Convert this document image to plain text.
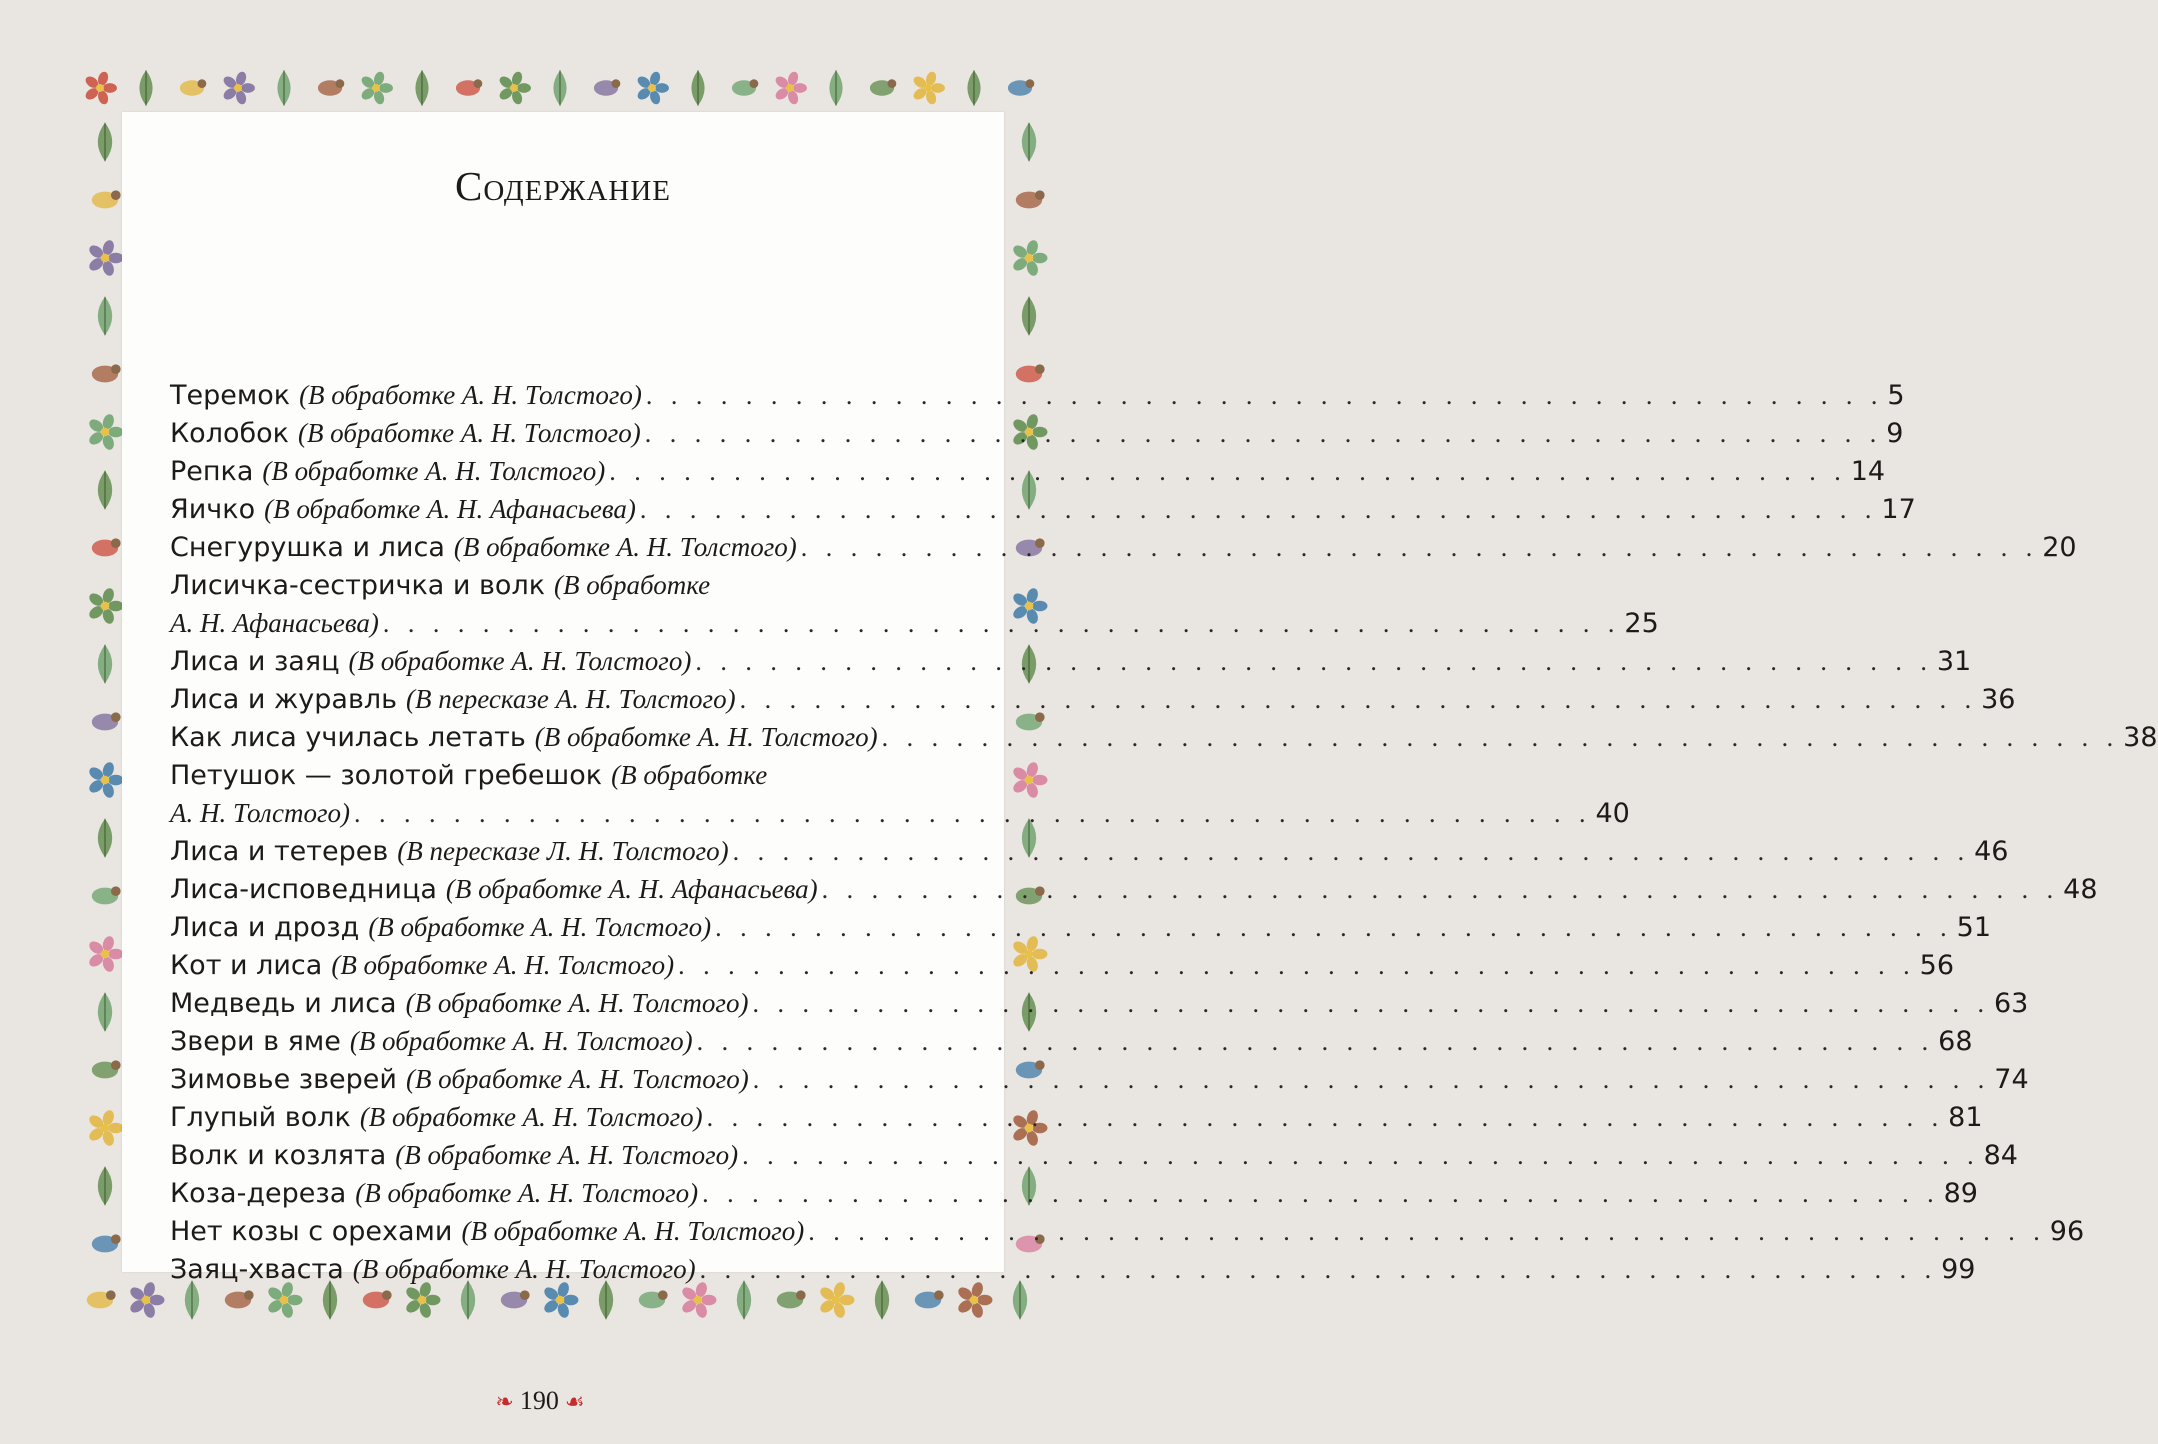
Содержание
Теремок (В обработке А. Н. Толстого) . . . . . . . . . . . . . . . . . . . . . . . . . . . . . . . . . . . . . . . . . . . . . . . . . . 5
Колобок (В обработке А. Н. Толстого) . . . . . . . . . . . . . . . . . . . . . . . . . . . . . . . . . . . . . . . . . . . . . . . . . . 9
Репка (В обработке А. Н. Толстого) . . . . . . . . . . . . . . . . . . . . . . . . . . . . . . . . . . . . . . . . . . . . . . . . . . 14
Яичко (В обработке А. Н. Афанасьева) . . . . . . . . . . . . . . . . . . . . . . . . . . . . . . . . . . . . . . . . . . . . . . . . . . 17
Снегурушка и лиса (В обработке А. Н. Толстого) . . . . . . . . . . . . . . . . . . . . . . . . . . . . . . . . . . . . . . . . . . . . . . . . . . 20
Лисичка-сестричка и волк (В обработке
А. Н. Афанасьева) . . . . . . . . . . . . . . . . . . . . . . . . . . . . . . . . . . . . . . . . . . . . . . . . . . 25
Лиса и заяц (В обработке А. Н. Толстого) . . . . . . . . . . . . . . . . . . . . . . . . . . . . . . . . . . . . . . . . . . . . . . . . . . 31
Лиса и журавль (В пересказе А. Н. Толстого) . . . . . . . . . . . . . . . . . . . . . . . . . . . . . . . . . . . . . . . . . . . . . . . . . . 36
Как лиса училась летать (В обработке А. Н. Толстого) . . . . . . . . . . . . . . . . . . . . . . . . . . . . . . . . . . . . . . . . . . . . . . . . . . 38
Петушок — золотой гребешок (В обработке
А. Н. Толстого) . . . . . . . . . . . . . . . . . . . . . . . . . . . . . . . . . . . . . . . . . . . . . . . . . . 40
Лиса и тетерев (В пересказе Л. Н. Толстого) . . . . . . . . . . . . . . . . . . . . . . . . . . . . . . . . . . . . . . . . . . . . . . . . . . 46
Лиса-исповедница (В обработке А. Н. Афанасьева) . . . . . . . . . . . . . . . . . . . . . . . . . . . . . . . . . . . . . . . . . . . . . . . . . . 48
Лиса и дрозд (В обработке А. Н. Толстого) . . . . . . . . . . . . . . . . . . . . . . . . . . . . . . . . . . . . . . . . . . . . . . . . . . 51
Кот и лиса (В обработке А. Н. Толстого) . . . . . . . . . . . . . . . . . . . . . . . . . . . . . . . . . . . . . . . . . . . . . . . . . . 56
Медведь и лиса (В обработке А. Н. Толстого) . . . . . . . . . . . . . . . . . . . . . . . . . . . . . . . . . . . . . . . . . . . . . . . . . . 63
Звери в яме (В обработке А. Н. Толстого) . . . . . . . . . . . . . . . . . . . . . . . . . . . . . . . . . . . . . . . . . . . . . . . . . . 68
Зимовье зверей (В обработке А. Н. Толстого) . . . . . . . . . . . . . . . . . . . . . . . . . . . . . . . . . . . . . . . . . . . . . . . . . . 74
Глупый волк (В обработке А. Н. Толстого) . . . . . . . . . . . . . . . . . . . . . . . . . . . . . . . . . . . . . . . . . . . . . . . . . . 81
Волк и козлята (В обработке А. Н. Толстого) . . . . . . . . . . . . . . . . . . . . . . . . . . . . . . . . . . . . . . . . . . . . . . . . . . 84
Коза-дереза (В обработке А. Н. Толстого) . . . . . . . . . . . . . . . . . . . . . . . . . . . . . . . . . . . . . . . . . . . . . . . . . . 89
Нет козы с орехами (В обработке А. Н. Толстого) . . . . . . . . . . . . . . . . . . . . . . . . . . . . . . . . . . . . . . . . . . . . . . . . . . 96
Заяц-хваста (В обработке А. Н. Толстого) . . . . . . . . . . . . . . . . . . . . . . . . . . . . . . . . . . . . . . . . . . . . . . . . . . 99
❧ 190 ☙
